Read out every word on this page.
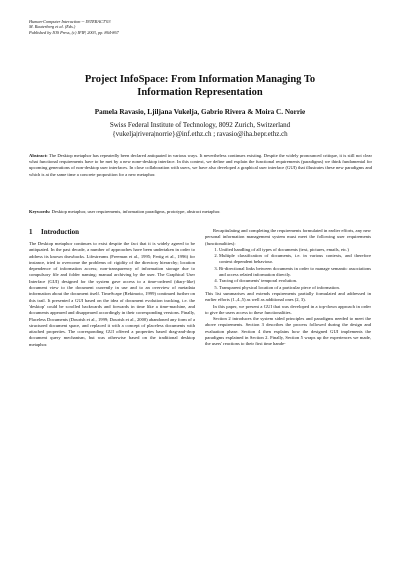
Human-Computer Interaction -- INTERACT'03
M. Rauterberg et al. (Eds.)
Published by IOS Press, (c) IFIP, 2003, pp. 864-867
Project InfoSpace: From Information Managing To
Information Representation
Pamela Ravasio, Ljiljana Vukelja, Gabrio Rivera & Moira C. Norrie
Swiss Federal Institute of Technology, 8092 Zurich, Switzerland
{vukelja|rivera|norrie}@inf.ethz.ch ; ravasio@iha.bepr.ethz.ch
Abstract: The Desktop metaphor has repeatedly been declared antiquated in various ways. It nevertheless continues existing. Despite the widely pronounced critique, it is still not clear what functional requirements have to be met by a new none-desktop interface. In this context, we define and explain the functional requirements (paradigms) we think fundamental for upcoming generations of non-desktop user interfaces. In close collaboration with users, we have also developed a graphical user interface (GUI) that illustrates these new paradigms and which is at the same time a concrete proposition for a new metaphor.
Keywords: Desktop metaphor, user requirements, information paradigms, prototype, abstract metaphor.
1 Introduction

The Desktop metaphor continues to exist despite the fact that it is widely agreed to be antiquated. In the past decade, a number of approaches have been undertaken in order to address its known drawbacks. Lifestreams (Freeman et al., 1995; Fertig et al., 1996) for instance, tried to overcome the problems of: rigidity of the directory hierarchy; location dependence of information access; non-transparency of information storage due to compulsory file and folder naming; manual archiving by the user. The Graphical User Interface (GUI) designed for the system gave access to a time-ordered (diary-like) document view to the document currently in use and to an overview of metadata information about the document itself. TimeScape (Rekimoto, 1999) continued further on this trail. It presented a GUI based on the idea of document evolution tracking, i.e. the 'desktop' could be scrolled backwards and forwards in time like a time-machine, and documents appeared and disappeared accordingly in their corresponding versions. Finally, Placeless Documents (Dourish et al., 1999; Dourish et al., 2000) abandoned any form of a structured document space, and replaced it with a concept of placeless documents with attached properties. The corresponding GUI offered a properties based drag-and-drop document query mechanism, but was otherwise based on the traditional desktop metaphor.

Recapitulating and completing the requirements formulated in earlier efforts, any new personal information management system must meet the following user requirements (functionalities):

1. Unified handling of all types of documents (text, pictures, emails, etc.)
2. Multiple classification of documents, i.e. in various contexts, and therefore context dependent behaviour.
3. Bi-directional links between documents in order to manage semantic associations and access related information directly.
4. Tracing of documents' temporal evolution.
5. Transparent physical location of a particular piece of information.

This list summarises and extends requirements partially formulated and addressed in earlier efforts (1.,4.,5) as well as additional ones (2, 3).

In this paper, we present a GUI that was developed in a top-down approach in order to give the users access to these functionalities.

Section 2 introduces the system sided principles and paradigms needed to meet the above requirements. Section 3 describes the process followed during the design and evaluation phase. Section 4 then explains how the designed GUI implements the paradigms explained in Section 2. Finally, Section 5 wraps up the experiences we made, the users' reactions to their first time hande-
